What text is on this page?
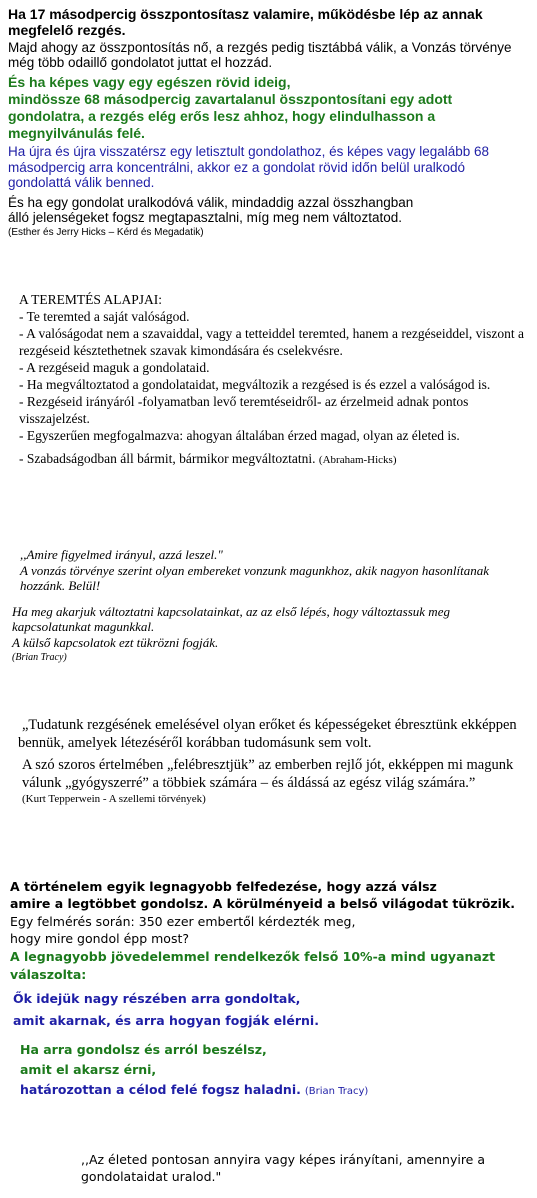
Ha 17 másodpercig összpontosítasz valamire, működésbe lép az annak megfelelő rezgés.

Majd ahogy az összpontosítás nő, a rezgés pedig tisztábbá válik, a Vonzás törvénye még több odaillő gondolatot juttat el hozzád.

És ha képes vagy egy egészen rövid ideig,

mindössze 68 másodpercig zavartalanul összpontosítani egy adott gondolatra, a rezgés elég erős lesz ahhoz, hogy elindulhasson a megnyilvánulás felé.

Ha újra és újra visszatérsz egy letisztult gondolathoz, és képes vagy legalább 68 másodpercig arra koncentrálni, akkor ez a gondolat rövid időn belül uralkodó gondolattá válik benned.

És ha egy gondolat uralkodóvá válik, mindaddig azzal összhangban

álló jelenségeket fogsz megtapasztalni, míg meg nem változtatod.

(Esther és Jerry Hicks – Kérd és Megadatik)

A TEREMTÉS ALAPJAI:

- Te teremted a saját valóságod.

- A valóságodat nem a szavaiddal, vagy a tetteiddel teremted, hanem a rezgéseiddel, viszont a rezgéseid késztethetnek szavak kimondására és cselekvésre.

- A rezgéseid maguk a gondolataid.

- Ha megváltoztatod a gondolataidat, megváltozik a rezgésed is és ezzel a valóságod is.

- Rezgéseid irányáról -folyamatban levő teremtéseidről- az érzelmeid adnak pontos visszajelzést.

- Egyszerűen megfogalmazva: ahogyan általában érzed magad, olyan az életed is.

- Szabadságodban áll bármit, bármikor megváltoztatni. (Abraham-Hicks)

,,Amire figyelmed irányul, azzá leszel."

A vonzás törvénye szerint olyan embereket vonzunk magunkhoz, akik nagyon hasonlítanak hozzánk. Belül!

Ha meg akarjuk változtatni kapcsolatainkat, az az első lépés, hogy változtassuk meg kapcsolatunkat magunkkal.

A külső kapcsolatok ezt tükrözni fogják.

(Brian Tracy)

„Tudatunk rezgésének emelésével olyan erőket és képességeket ébresztünk ekképpen bennük, amelyek létezéséről korábban tudomásunk sem volt.

A szó szoros értelmében „felébresztjük” az emberben rejlő jót, ekképpen mi magunk válunk „gyógyszerré” a többiek számára – és áldássá az egész világ számára.”

(Kurt Tepperwein - A szellemi törvények)

A történelem egyik legnagyobb felfedezése, hogy azzá válsz

amire a legtöbbet gondolsz. A körülményeid a belső világodat tükrözik.

Egy felmérés során: 350 ezer embertől kérdezték meg,

hogy mire gondol épp most?

A legnagyobb jövedelemmel rendelkezők felső 10%-a mind ugyanazt válaszolta:

Ők idejük nagy részében arra gondoltak,

amit akarnak, és arra hogyan fogják elérni.

Ha arra gondolsz és arról beszélsz,

amit el akarsz érni,

határozottan a célod felé fogsz haladni. (Brian Tracy)

,,Az életed pontosan annyira vagy képes irányítani, amennyire a gondolataidat uralod."
